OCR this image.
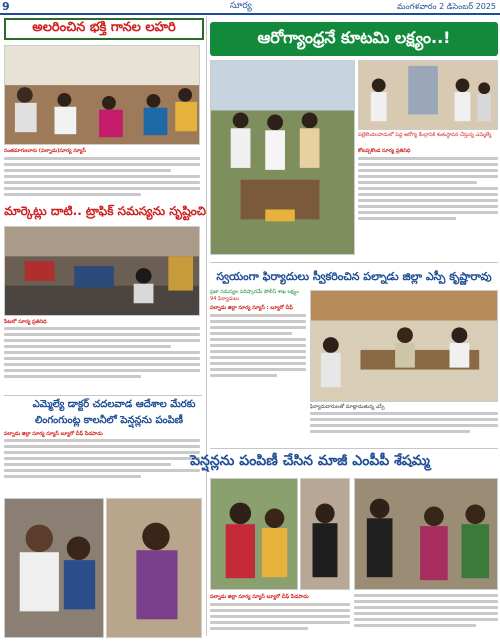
9	సూర్య	మంగళవారం 2 డిసెంబర్ 2025
అలరించిన భక్తి గానల లహరి
సంతమాగులూరు (పల్నాడు)సూర్య న్యూస్
మార్కెట్లు దాటి.. ట్రాఫిక్ సమస్యను సృష్టించి
పేటలో సూర్య ప్రతినిధి
ఎమ్మెల్యే డాక్టర్ చదలవాడ ఆదేశాల మేరకు
లింగంగుంట్ల కాలనీలో పెన్షన్లను పంపిణీ
పల్నాడు జిల్లా సూర్య న్యూస్ బ్యూరో చీఫ్ పేడపాడు
ఆరోగ్యాంధ్రనే కూటమి లక్ష్యం..!
పల్లెకొండలపాడులో పెద్ద ఆరోగ్య కేంద్రానికి శంకుస్థాపన చేస్తున్న ఎమ్మెల్యే
కోటప్పకొండ సూర్య ప్రతినిధి
స్వయంగా ఫిర్యాదులు స్వీకరించిన పల్నాడు జిల్లా ఎస్పీ కృష్ణారావు
ప్రజా సమస్యల పరిష్కారమే పోలీస్ శాఖ లక్ష్యం
94 ఫిర్యాదులు
పల్నాడు జిల్లా సూర్య న్యూస్ : బ్యూరో చీఫ్
ఫిర్యాదుదారులతో మాట్లాడుతున్న ఎస్పీ
పెన్షన్లను పంపిణీ చేసిన మాజీ ఎంపీపీ శేషమ్మ
పల్నాడు జిల్లా సూర్య న్యూస్ బ్యూరో చీఫ్ పేడపాడు
